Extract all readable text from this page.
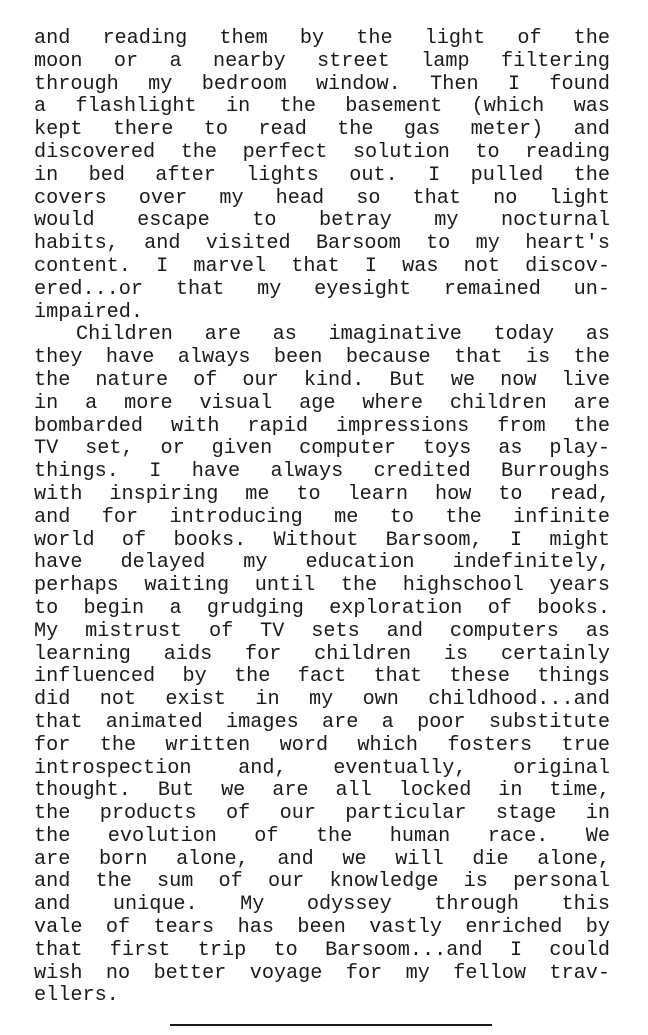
and reading them by the light of the
moon or a nearby street lamp filtering
through my bedroom window. Then I found
a flashlight in the basement (which was
kept there to read the gas meter) and
discovered the perfect solution to reading
in bed after lights out. I pulled the
covers over my head so that no light
would escape to betray my nocturnal
habits, and visited Barsoom to my heart's
content. I marvel that I was not discov-
ered...or that my eyesight remained un-
impaired.
Children are as imaginative today as
they have always been because that is the
the nature of our kind. But we now live
in a more visual age where children are
bombarded with rapid impressions from the
TV set, or given computer toys as play-
things. I have always credited Burroughs
with inspiring me to learn how to read,
and for introducing me to the infinite
world of books. Without Barsoom, I might
have delayed my education indefinitely,
perhaps waiting until the highschool years
to begin a grudging exploration of books.
My mistrust of TV sets and computers as
learning aids for children is certainly
influenced by the fact that these things
did not exist in my own childhood...and
that animated images are a poor substitute
for the written word which fosters true
introspection and, eventually, original
thought. But we are all locked in time,
the products of our particular stage in
the evolution of the human race. We
are born alone, and we will die alone,
and the sum of our knowledge is personal
and unique. My odyssey through this
vale of tears has been vastly enriched by
that first trip to Barsoom...and I could
wish no better voyage for my fellow trav-
ellers.
